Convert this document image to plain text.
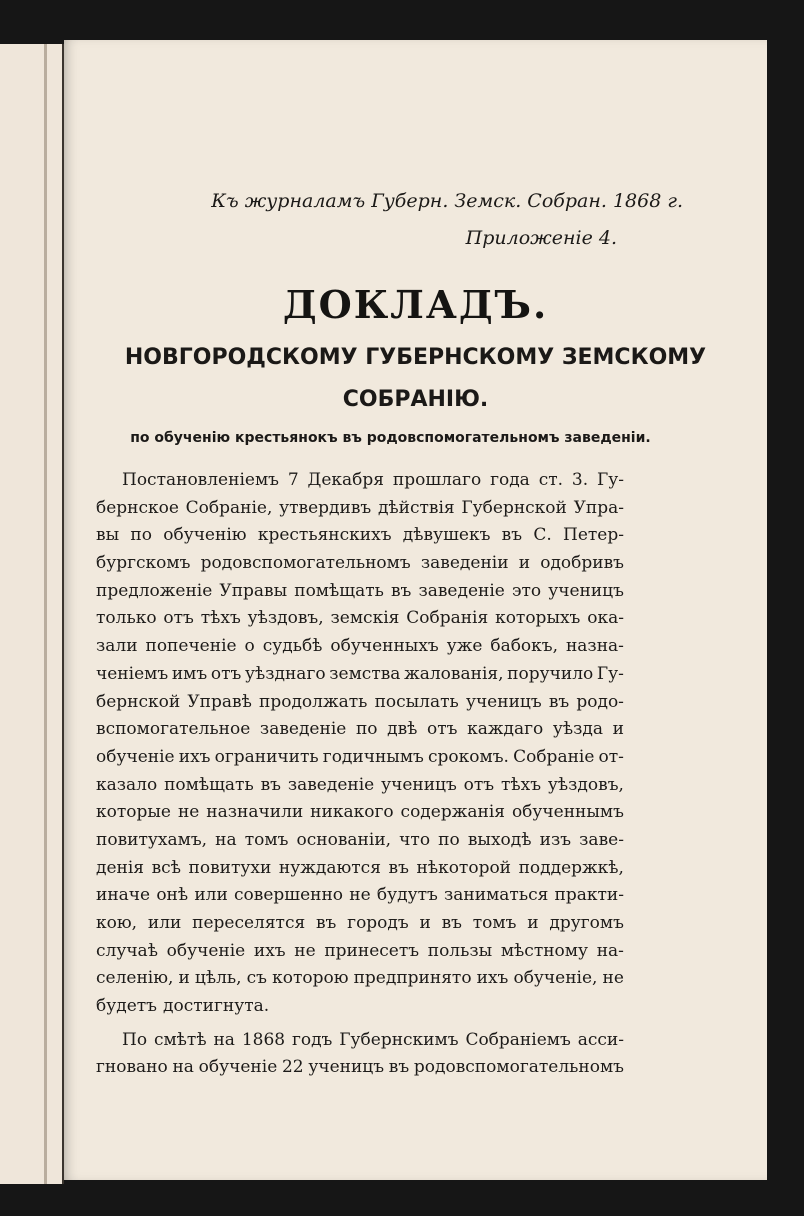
Къ журналамъ Губерн. Земск. Собран. 1868 г.
Приложеніе 4.
ДОКЛАДЪ.
НОВГОРОДСКОМУ ГУБЕРНСКОМУ ЗЕМСКОМУ
СОБРАНІЮ.
по обученію крестьянокъ въ родовспомогательномъ заведеніи.
Постановленіемъ 7 Декабря прошлаго года ст. 3. Гу-
бернское Собраніе, утвердивъ дѣйствія Губернской Упра-
вы по обученію крестьянскихъ дѣвушекъ въ С. Петер-
бургскомъ родовспомогательномъ заведеніи и одобривъ
предложеніе Управы помѣщать въ заведеніе это ученицъ
только отъ тѣхъ уѣздовъ, земскія Собранія которыхъ ока-
зали попеченіе о судьбѣ обученныхъ уже бабокъ, назна-
ченіемъ имъ отъ уѣзднаго земства жалованія, поручило Гу-
бернской Управѣ продолжать посылать ученицъ въ родо-
вспомогательное заведеніе по двѣ отъ каждаго уѣзда и
обученіе ихъ ограничить годичнымъ срокомъ. Собраніе от-
казало помѣщать въ заведеніе ученицъ отъ тѣхъ уѣздовъ,
которые не назначили никакого содержанія обученнымъ
повитухамъ, на томъ основаніи, что по выходѣ изъ заве-
денія всѣ повитухи нуждаются въ нѣкоторой поддержкѣ,
иначе онѣ или совершенно не будутъ заниматься практи-
кою, или переселятся въ городъ и въ томъ и другомъ
случаѣ обученіе ихъ не принесетъ пользы мѣстному на-
селенію, и цѣль, съ которою предпринято ихъ обученіе, не
будетъ достигнута.
По смѣтѣ на 1868 годъ Губернскимъ Собраніемъ асси-
гновано на обученіе 22 ученицъ въ родовспомогательномъ
